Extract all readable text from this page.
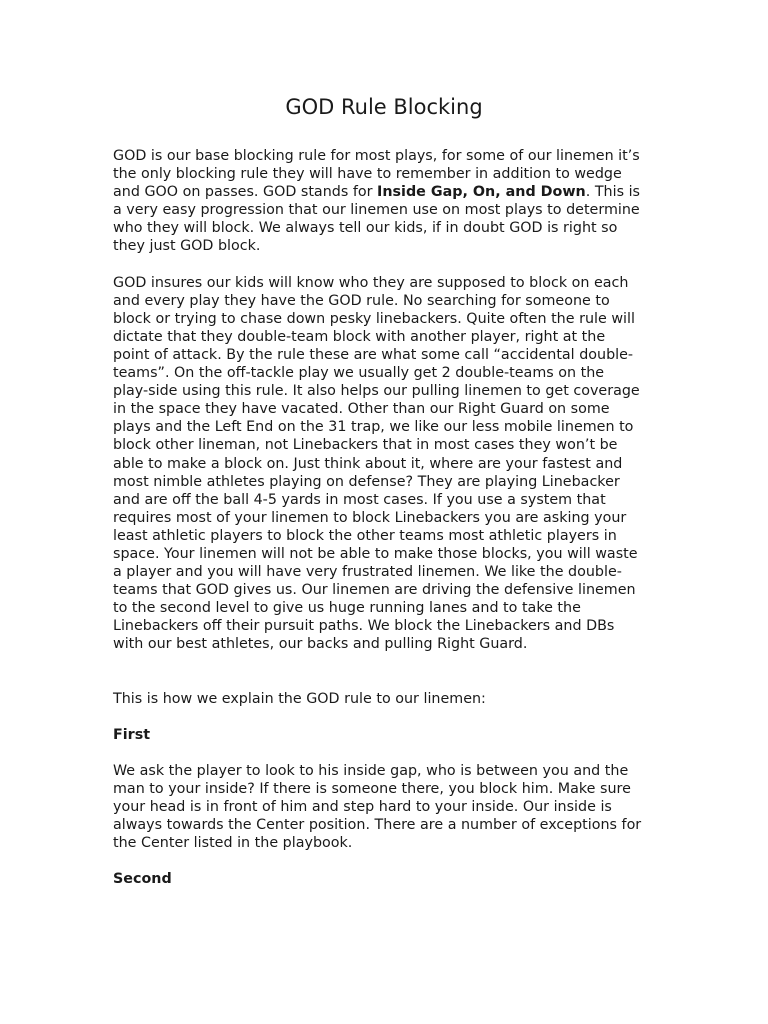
GOD Rule Blocking

GOD is our base blocking rule for most plays, for some of our linemen it’s the only blocking rule they will have to remember in addition to wedge and GOO on passes. GOD stands for Inside Gap, On, and Down. This is a very easy progression that our linemen use on most plays to determine who they will block. We always tell our kids, if in doubt GOD is right so they just GOD block.

GOD insures our kids will know who they are supposed to block on each and every play they have the GOD rule. No searching for someone to block or trying to chase down pesky linebackers. Quite often the rule will dictate that they double-team block with another player, right at the point of attack. By the rule these are what some call “accidental double-teams”. On the off-tackle play we usually get 2 double-teams on the play-side using this rule. It also helps our pulling linemen to get coverage in the space they have vacated. Other than our Right Guard on some plays and the Left End on the 31 trap, we like our less mobile linemen to block other lineman, not Linebackers that in most cases they won’t be able to make a block on. Just think about it, where are your fastest and most nimble athletes playing on defense? They are playing Linebacker and are off the ball 4-5 yards in most cases. If you use a system that requires most of your linemen to block Linebackers you are asking your least athletic players to block the other teams most athletic players in space. Your linemen will not be able to make those blocks, you will waste a player and you will have very frustrated linemen. We like the double-teams that GOD gives us. Our linemen are driving the defensive linemen to the second level to give us huge running lanes and to take the Linebackers off their pursuit paths. We block the Linebackers and DBs with our best athletes, our backs and pulling Right Guard.

This is how we explain the GOD rule to our linemen:

First

We ask the player to look to his inside gap, who is between you and the man to your inside? If there is someone there, you block him. Make sure your head is in front of him and step hard to your inside. Our inside is always towards the Center position. There are a number of exceptions for the Center listed in the playbook.

Second
